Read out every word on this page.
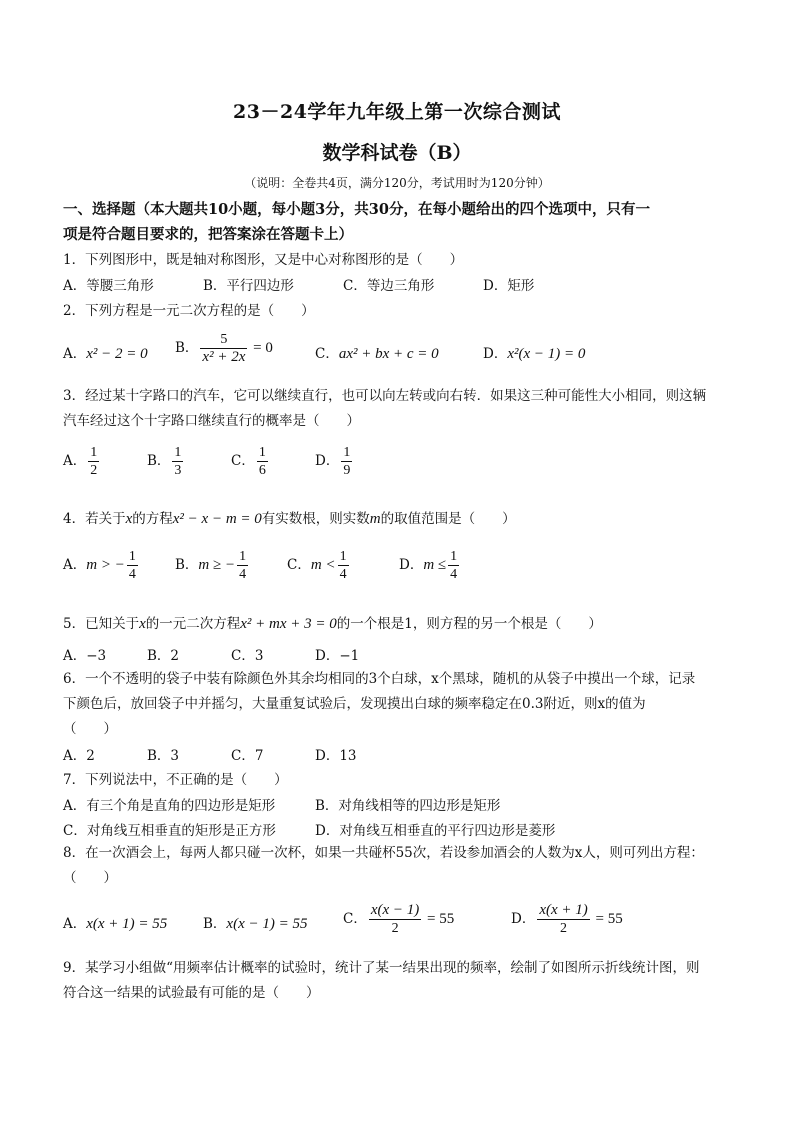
23－24学年九年级上第一次综合测试
数学科试卷（B）
（说明：全卷共4页，满分120分，考试用时为120分钟）
一、选择题（本大题共10小题，每小题3分，共30分，在每小题给出的四个选项中，只有一
项是符合题目要求的，把答案涂在答题卡上）
1．下列图形中，既是轴对称图形，又是中心对称图形的是（　　）
A．等腰三角形	B．平行四边形	C．等边三角形	D．矩形
2．下列方程是一元二次方程的是（　　）
A．x² − 2 = 0 B． $\frac{5}{\text{x² + 2x}} = 0$	C．ax² + bx + c = 0	D．x²(x − 1) = 0
3．经过某十字路口的汽车，它可以继续直行，也可以向左转或向右转．如果这三种可能性大小相同，则这辆
汽车经过这个十字路口继续直行的概率是（　　）
A． $\frac{1}{2}$	B． $\frac{1}{3}$	C． $\frac{1}{6}$	D． $\frac{1}{9}$
4．若关于x的方程x² − x − m = 0有实数根，则实数m的取值范围是（　　）
A．m > − $\frac{1}{4}$	B．m ≥ − $\frac{1}{4}$	C．$m < \frac{1}{4}$	D．$m \le \frac{1}{4}$
5．已知关于x的一元二次方程x² + mx + 3 = 0的一个根是1，则方程的另一个根是（　　）
A．−3	B．2	C．3	D．−1
6．一个不透明的袋子中装有除颜色外其余均相同的3个白球，x个黑球，随机的从袋子中摸出一个球，记录
下颜色后，放回袋子中并摇匀，大量重复试验后，发现摸出白球的频率稳定在0.3附近，则x的值为
（　　）
A．2	B．3	C．7	D．13
7．下列说法中，不正确的是（　　）
A．有三个角是直角的四边形是矩形	B．对角线相等的四边形是矩形
C．对角线互相垂直的矩形是正方形	D．对角线互相垂直的平行四边形是菱形
8．在一次酒会上，每两人都只碰一次杯，如果一共碰杯55次，若设参加酒会的人数为x人，则可列出方程：
（　　）
A．x(x + 1) = 55	B．x(x − 1) = 55	C． $\frac{x(x - 1)}{2} = 55$	D． $\frac{x(x + 1)}{2} = 55$
9．某学习小组做“用频率估计概率的试验时，统计了某一结果出现的频率，绘制了如图所示折线统计图，则
符合这一结果的试验最有可能的是（　　）
